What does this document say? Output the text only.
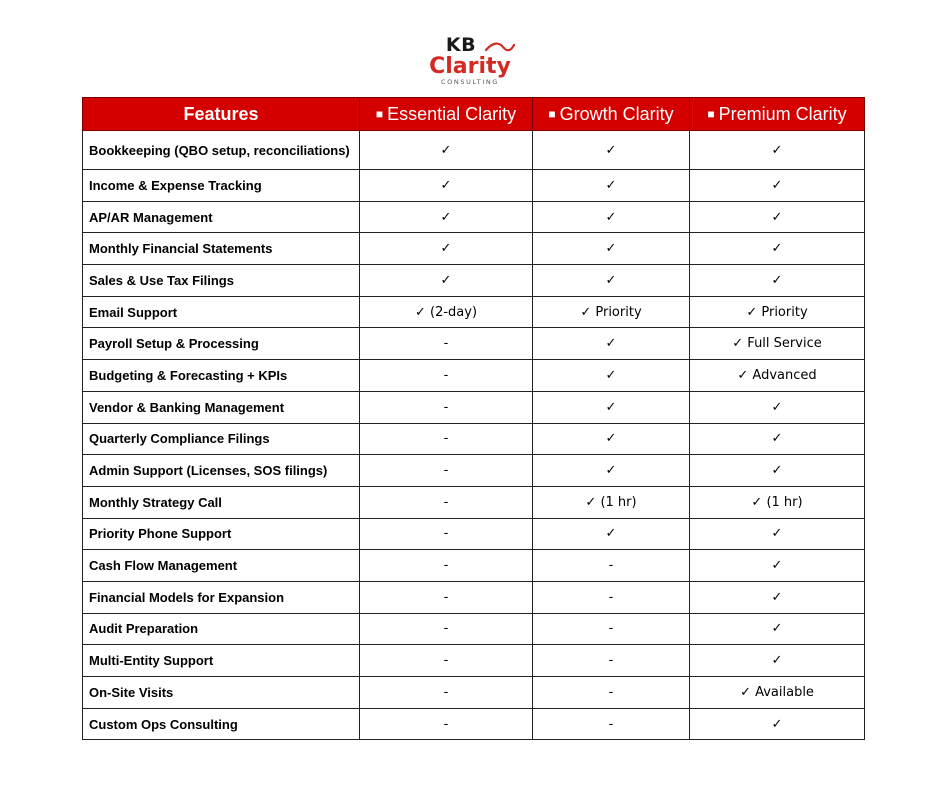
KB
Clarity
CONSULTING
Features	■ Essential Clarity	■ Growth Clarity	■ Premium Clarity
Bookkeeping (QBO setup, reconciliations)	✓	✓	✓
Income & Expense Tracking	✓	✓	✓
AP/AR Management	✓	✓	✓
Monthly Financial Statements	✓	✓	✓
Sales & Use Tax Filings	✓	✓	✓
Email Support	✓ (2-day)	✓ Priority	✓ Priority
Payroll Setup & Processing	-	✓	✓ Full Service
Budgeting & Forecasting + KPIs	-	✓	✓ Advanced
Vendor & Banking Management	-	✓	✓
Quarterly Compliance Filings	-	✓	✓
Admin Support (Licenses, SOS filings)	-	✓	✓
Monthly Strategy Call	-	✓ (1 hr)	✓ (1 hr)
Priority Phone Support	-	✓	✓
Cash Flow Management	-	-	✓
Financial Models for Expansion	-	-	✓
Audit Preparation	-	-	✓
Multi-Entity Support	-	-	✓
On-Site Visits	-	-	✓ Available
Custom Ops Consulting	-	-	✓
